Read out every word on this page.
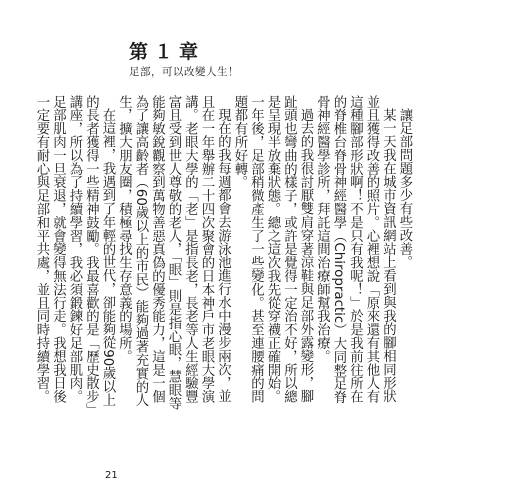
第１章
足部，可以改變人生！

讓足部問題多少有些改善。

某一天我在城市資訊網站上看到與我的腳相同形狀並且獲得改善的照片。心裡想說「原來還有其他人有這種腳部形狀啊！不是只有我呢！」於是我前往所在的脊椎台脊骨神經醫學（Chiropractic）大同整足脊骨神經醫學診所，拜託這間治療師幫我治療。

過去的我很討厭雙肩穿著涼鞋與足部外露變形，腳趾頭也彎曲的樣子，或許是覺得一定治不好，所以總是呈現半放棄狀態。總之這次我先從穿襪正確開始。一年後，足部稍微產生了一些變化。甚至連腰痛的問題都有所好轉。

現在的我每週都會去游泳池進行水中漫步兩次，並且在一年舉辦二十四次聚會的日本神戶市老眼大學演講。老眼大學的「老」是指長老，長老等人生經驗豐富且受到世人尊敬的老人，「眼」則是指心眼，慧眼等能夠敏銳觀察到萬物善惡真偽的優秀能力，這是一個為了讓高齡者（60歲以上的市民）能夠過著充實的人生，擴大朋友圈，積極尋找生存意義的場所。

在這裡，我遇到了年輕的世代，卻能夠從90歲以上的長者獲得一些精神鼓勵。我最喜歡的是「歷史散步」講座，所以為了持續學習，我必須鍛鍊好足部肌肉。足部肌肉一旦衰退，就會變得無法行走。我想我日後一定要有耐心與足部和平共處，並且同時持續學習。

21
